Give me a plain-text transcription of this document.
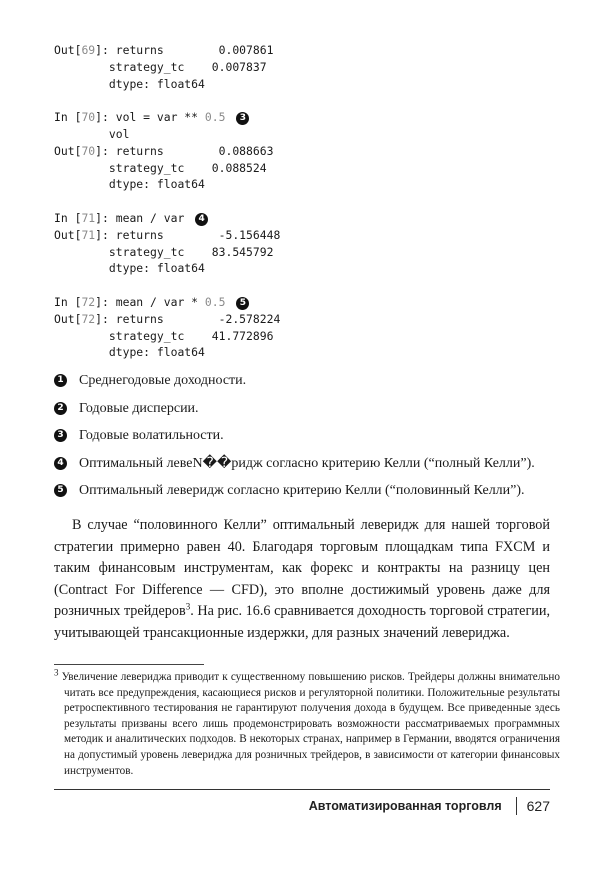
Out[69]: returns        0.007861
strategy_tc    0.007837
dtype: float64
In [70]: vol = var ** 0.5 3
vol
Out[70]: returns        0.088663
strategy_tc    0.088524
dtype: float64
In [71]: mean / var 4
Out[71]: returns        -5.156448
strategy_tc    83.545792
dtype: float64
In [72]: mean / var * 0.5 5
Out[72]: returns        -2.578224
strategy_tc    41.772896
dtype: float64
1 Среднегодовые доходности.
2 Годовые дисперсии.
3 Годовые волатильности.
4 Оптимальный левеN��ридж согласно критерию Келли (“полный Келли”).
5 Оптимальный леверидж согласно критерию Келли (“половинный Келли”).

В случае “половинного Келли” оптимальный леверидж для нашей торговой стратегии примерно равен 40. Благодаря торговым площадкам типа FXCM и таким финансовым инструментам, как форекс и контракты на разницу цен (Contract For Difference — CFD), это вполне достижимый уровень даже для розничных трейдеров$^3$. На рис. 16.6 сравнивается доходность торговой стратегии, учитывающей трансакционные издержки, для разных значений левериджа.

$^3$ Увеличение левериджа приводит к существенному повышению рисков. Трейдеры должны внимательно читать все предупреждения, касающиеся рисков и регуляторной политики. Положительные результаты ретроспективного тестирования не гарантируют получения дохода в будущем. Все приведенные здесь результаты призваны всего лишь продемонстрировать возможности рассматриваемых программных методик и аналитических подходов. В некоторых странах, например в Германии, вводятся ограничения на допустимый уровень левериджа для розничных трейдеров, в зависимости от категории финансовых инструментов.

Автоматизированная торговля 627
